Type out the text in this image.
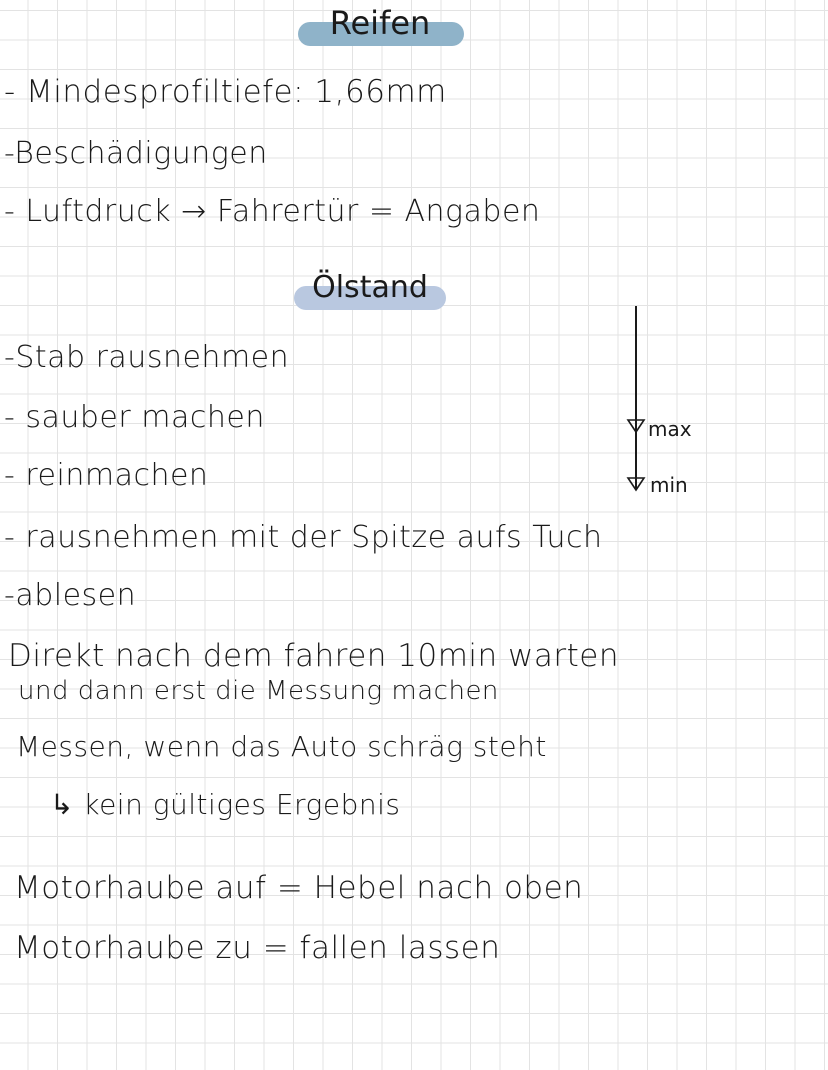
Reifen
- Mindesprofiltiefe: 1,66mm
-Beschädigungen
- Luftdruck → Fahrertür = Angaben
Ölstand
-Stab rausnehmen
- sauber machen
- reinmachen
- rausnehmen mit der Spitze aufs Tuch
-ablesen
max
min
Direkt nach dem fahren 10min warten
und dann erst die Messung machen
Messen, wenn das Auto schräg steht
↳ kein gültiges Ergebnis
Motorhaube auf = Hebel nach oben
Motorhaube zu = fallen lassen
